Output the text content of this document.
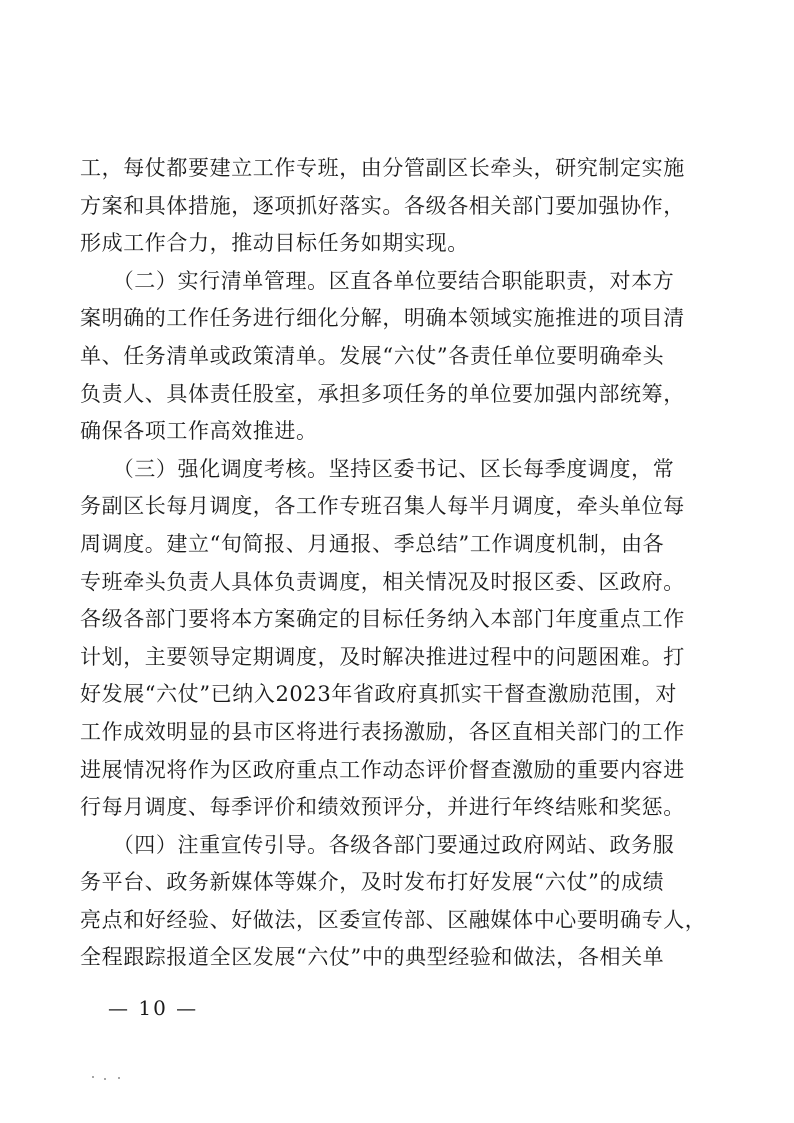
工，每仗都要建立工作专班，由分管副区长牵头，研究制定实施
方案和具体措施，逐项抓好落实。各级各相关部门要加强协作，
形成工作合力，推动目标任务如期实现。
　　（二）实行清单管理。区直各单位要结合职能职责，对本方
案明确的工作任务进行细化分解，明确本领域实施推进的项目清
单、任务清单或政策清单。发展“六仗”各责任单位要明确牵头
负责人、具体责任股室，承担多项任务的单位要加强内部统筹，
确保各项工作高效推进。
　　（三）强化调度考核。坚持区委书记、区长每季度调度，常
务副区长每月调度，各工作专班召集人每半月调度，牵头单位每
周调度。建立“旬简报、月通报、季总结”工作调度机制，由各
专班牵头负责人具体负责调度，相关情况及时报区委、区政府。
各级各部门要将本方案确定的目标任务纳入本部门年度重点工作
计划，主要领导定期调度，及时解决推进过程中的问题困难。打
好发展“六仗”已纳入2023年省政府真抓实干督查激励范围，对
工作成效明显的县市区将进行表扬激励，各区直相关部门的工作
进展情况将作为区政府重点工作动态评价督查激励的重要内容进
行每月调度、每季评价和绩效预评分，并进行年终结账和奖惩。
　　（四）注重宣传引导。各级各部门要通过政府网站、政务服
务平台、政务新媒体等媒介，及时发布打好发展“六仗”的成绩
亮点和好经验、好做法，区委宣传部、区融媒体中心要明确专人，
全程跟踪报道全区发展“六仗”中的典型经验和做法，各相关单
— 10 —
